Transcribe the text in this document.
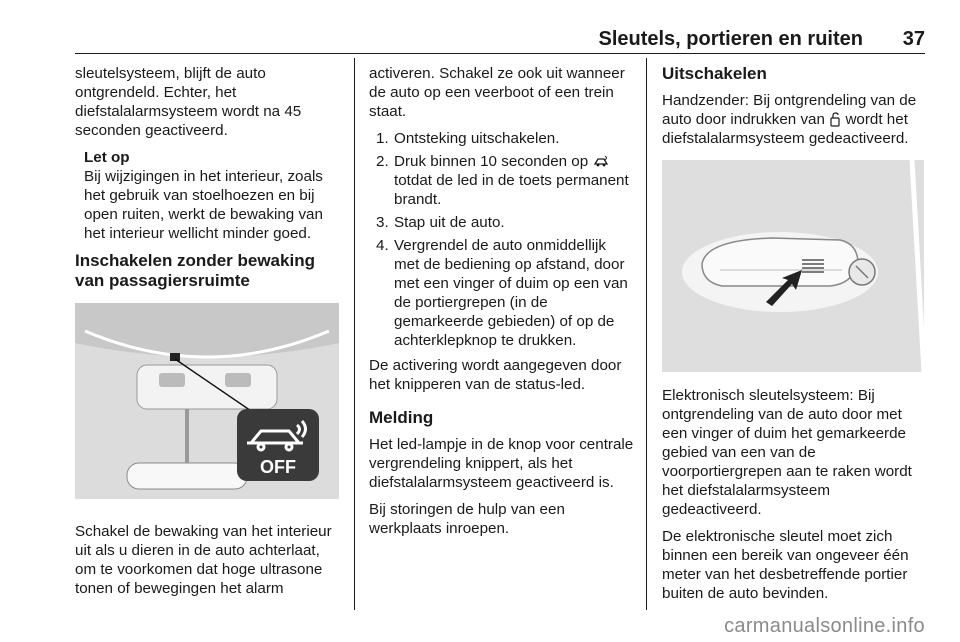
Sleutels, portieren en ruiten 37

sleutelsysteem, blijft de auto ontgrendeld. Echter, het diefstalalarmsysteem wordt na 45 seconden geactiveerd.

Let op
Bij wijzigingen in het interieur, zoals het gebruik van stoelhoezen en bij open ruiten, werkt de bewaking van het interieur wellicht minder goed.
Inschakelen zonder bewaking van passagiersruimte
OFF

Schakel de bewaking van het interieur uit als u dieren in de auto achterlaat, om te voorkomen dat hoge ultrasone tonen of bewegingen het alarm

activeren. Schakel ze ook uit wanneer de auto op een veerboot of een trein staat.

1. Ontsteking uitschakelen.
2. Druk binnen 10 seconden op  totdat de led in de toets permanent brandt.
3. Stap uit de auto.
4. Vergrendel de auto onmiddellijk met de bediening op afstand, door met een vinger of duim op een van de portiergrepen (in de gemarkeerde gebieden) of op de achterklepknop te drukken.

De activering wordt aangegeven door het knipperen van de status-led.

Melding

Het led-lampje in de knop voor centrale vergrendeling knippert, als het diefstalalarmsysteem geactiveerd is.

Bij storingen de hulp van een werkplaats inroepen.

Uitschakelen

Handzender: Bij ontgrendeling van de auto door indrukken van wordt het diefstalalarmsysteem gedeactiveerd.

Elektronisch sleutelsysteem: Bij ontgrendeling van de auto door met een vinger of duim het gemarkeerde gebied van een van de voorportiergrepen aan te raken wordt het diefstalalarmsysteem gedeactiveerd.

De elektronische sleutel moet zich binnen een bereik van ongeveer één meter van het desbetreffende portier buiten de auto bevinden.

carmanualsonline.info
